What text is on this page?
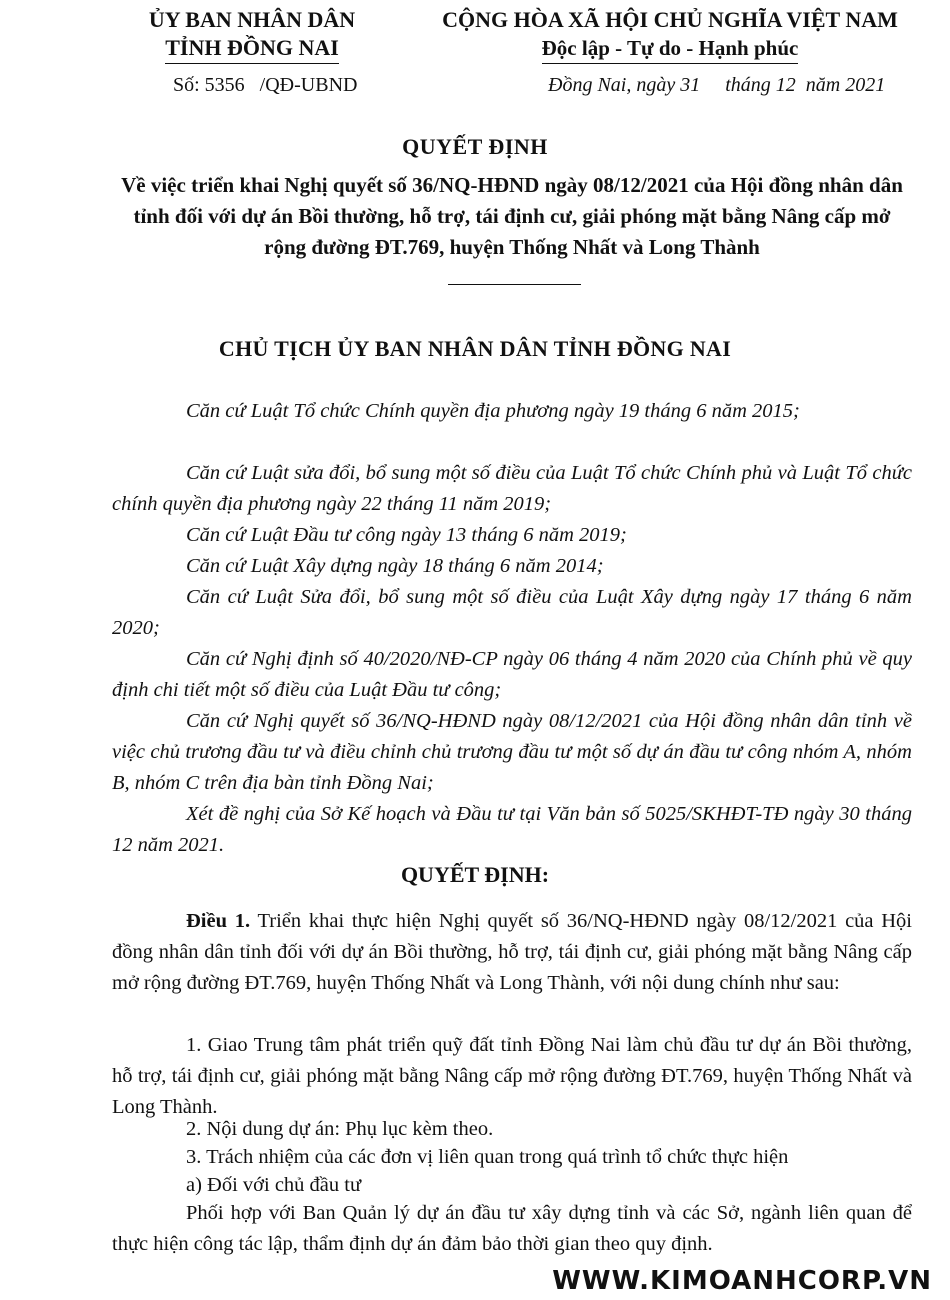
ỦY BAN NHÂN DÂN
TỈNH ĐỒNG NAI
CỘNG HÒA XÃ HỘI CHỦ NGHĨA VIỆT NAM
Độc lập - Tự do - Hạnh phúc
Số: 5356   /QĐ-UBND	Đồng Nai, ngày 31     tháng 12  năm 2021
QUYẾT ĐỊNH
Về việc triển khai Nghị quyết số 36/NQ-HĐND ngày 08/12/2021 của Hội đồng nhân dân tỉnh đối với dự án Bồi thường, hỗ trợ, tái định cư, giải phóng mặt bằng Nâng cấp mở rộng đường ĐT.769, huyện Thống Nhất và Long Thành
CHỦ TỊCH ỦY BAN NHÂN DÂN TỈNH ĐỒNG NAI
Căn cứ Luật Tổ chức Chính quyền địa phương ngày 19 tháng 6 năm 2015;
Căn cứ Luật sửa đổi, bổ sung một số điều của Luật Tổ chức Chính phủ và Luật Tổ chức chính quyền địa phương ngày 22 tháng 11 năm 2019;
Căn cứ Luật Đầu tư công ngày 13 tháng 6 năm 2019;
Căn cứ Luật Xây dựng ngày 18 tháng 6 năm 2014;
Căn cứ Luật Sửa đổi, bổ sung một số điều của Luật Xây dựng ngày 17 tháng 6 năm 2020;
Căn cứ Nghị định số 40/2020/NĐ-CP ngày 06 tháng 4 năm 2020 của Chính phủ về quy định chi tiết một số điều của Luật Đầu tư công;
Căn cứ Nghị quyết số 36/NQ-HĐND ngày 08/12/2021 của Hội đồng nhân dân tỉnh về việc chủ trương đầu tư và điều chỉnh chủ trương đầu tư một số dự án đầu tư công nhóm A, nhóm B, nhóm C trên địa bàn tỉnh Đồng Nai;
Xét đề nghị của Sở Kế hoạch và Đầu tư tại Văn bản số 5025/SKHĐT-TĐ ngày 30 tháng 12 năm 2021.
QUYẾT ĐỊNH:
Điều 1. Triển khai thực hiện Nghị quyết số 36/NQ-HĐND ngày 08/12/2021 của Hội đồng nhân dân tỉnh đối với dự án Bồi thường, hỗ trợ, tái định cư, giải phóng mặt bằng Nâng cấp mở rộng đường ĐT.769, huyện Thống Nhất và Long Thành, với nội dung chính như sau:
1. Giao Trung tâm phát triển quỹ đất tỉnh Đồng Nai làm chủ đầu tư dự án Bồi thường, hỗ trợ, tái định cư, giải phóng mặt bằng Nâng cấp mở rộng đường ĐT.769, huyện Thống Nhất và Long Thành.
2. Nội dung dự án: Phụ lục kèm theo.
3. Trách nhiệm của các đơn vị liên quan trong quá trình tổ chức thực hiện
a) Đối với chủ đầu tư
Phối hợp với Ban Quản lý dự án đầu tư xây dựng tỉnh và các Sở, ngành liên quan để thực hiện công tác lập, thẩm định dự án đảm bảo thời gian theo quy định.
WWW.KIMOANHCORP.VN
